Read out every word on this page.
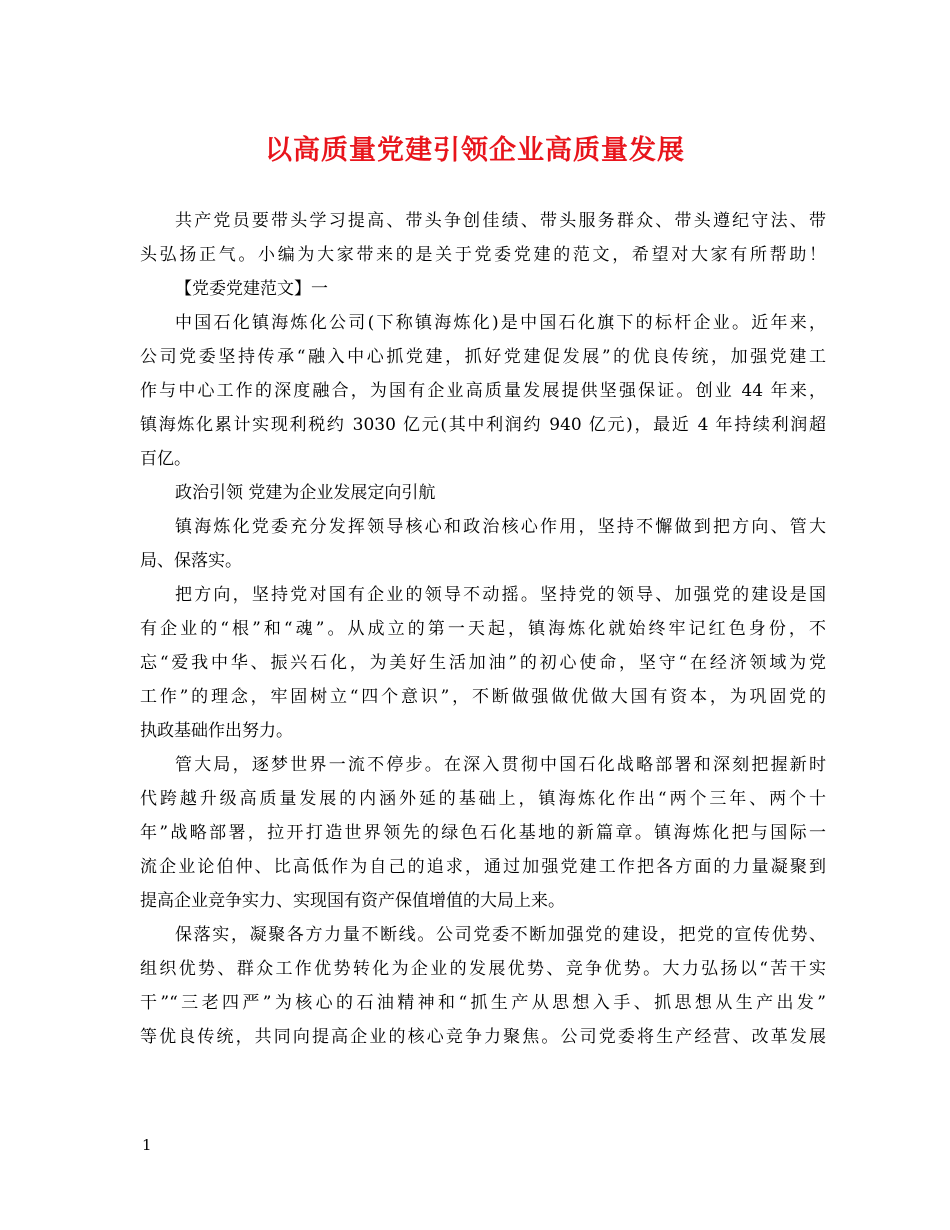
以高质量党建引领企业高质量发展
共产党员要带头学习提高、带头争创佳绩、带头服务群众、带头遵纪守法、带
头弘扬正气。小编为大家带来的是关于党委党建的范文，希望对大家有所帮助！
【党委党建范文】一
中国石化镇海炼化公司(下称镇海炼化)是中国石化旗下的标杆企业。近年来，
公司党委坚持传承“融入中心抓党建，抓好党建促发展”的优良传统，加强党建工
作与中心工作的深度融合，为国有企业高质量发展提供坚强保证。创业 44 年来，
镇海炼化累计实现利税约 3030 亿元(其中利润约 940 亿元)，最近 4 年持续利润超
百亿。
政治引领 党建为企业发展定向引航
镇海炼化党委充分发挥领导核心和政治核心作用，坚持不懈做到把方向、管大
局、保落实。
把方向，坚持党对国有企业的领导不动摇。坚持党的领导、加强党的建设是国
有企业的“根”和“魂”。从成立的第一天起，镇海炼化就始终牢记红色身份，不
忘“爱我中华、振兴石化，为美好生活加油”的初心使命，坚守“在经济领域为党
工作”的理念，牢固树立“四个意识”，不断做强做优做大国有资本，为巩固党的
执政基础作出努力。
管大局，逐梦世界一流不停步。在深入贯彻中国石化战略部署和深刻把握新时
代跨越升级高质量发展的内涵外延的基础上，镇海炼化作出“两个三年、两个十
年”战略部署，拉开打造世界领先的绿色石化基地的新篇章。镇海炼化把与国际一
流企业论伯仲、比高低作为自己的追求，通过加强党建工作把各方面的力量凝聚到
提高企业竞争实力、实现国有资产保值增值的大局上来。
保落实，凝聚各方力量不断线。公司党委不断加强党的建设，把党的宣传优势、
组织优势、群众工作优势转化为企业的发展优势、竞争优势。大力弘扬以“苦干实
干”“三老四严”为核心的石油精神和“抓生产从思想入手、抓思想从生产出发”
等优良传统，共同向提高企业的核心竞争力聚焦。公司党委将生产经营、改革发展
1
